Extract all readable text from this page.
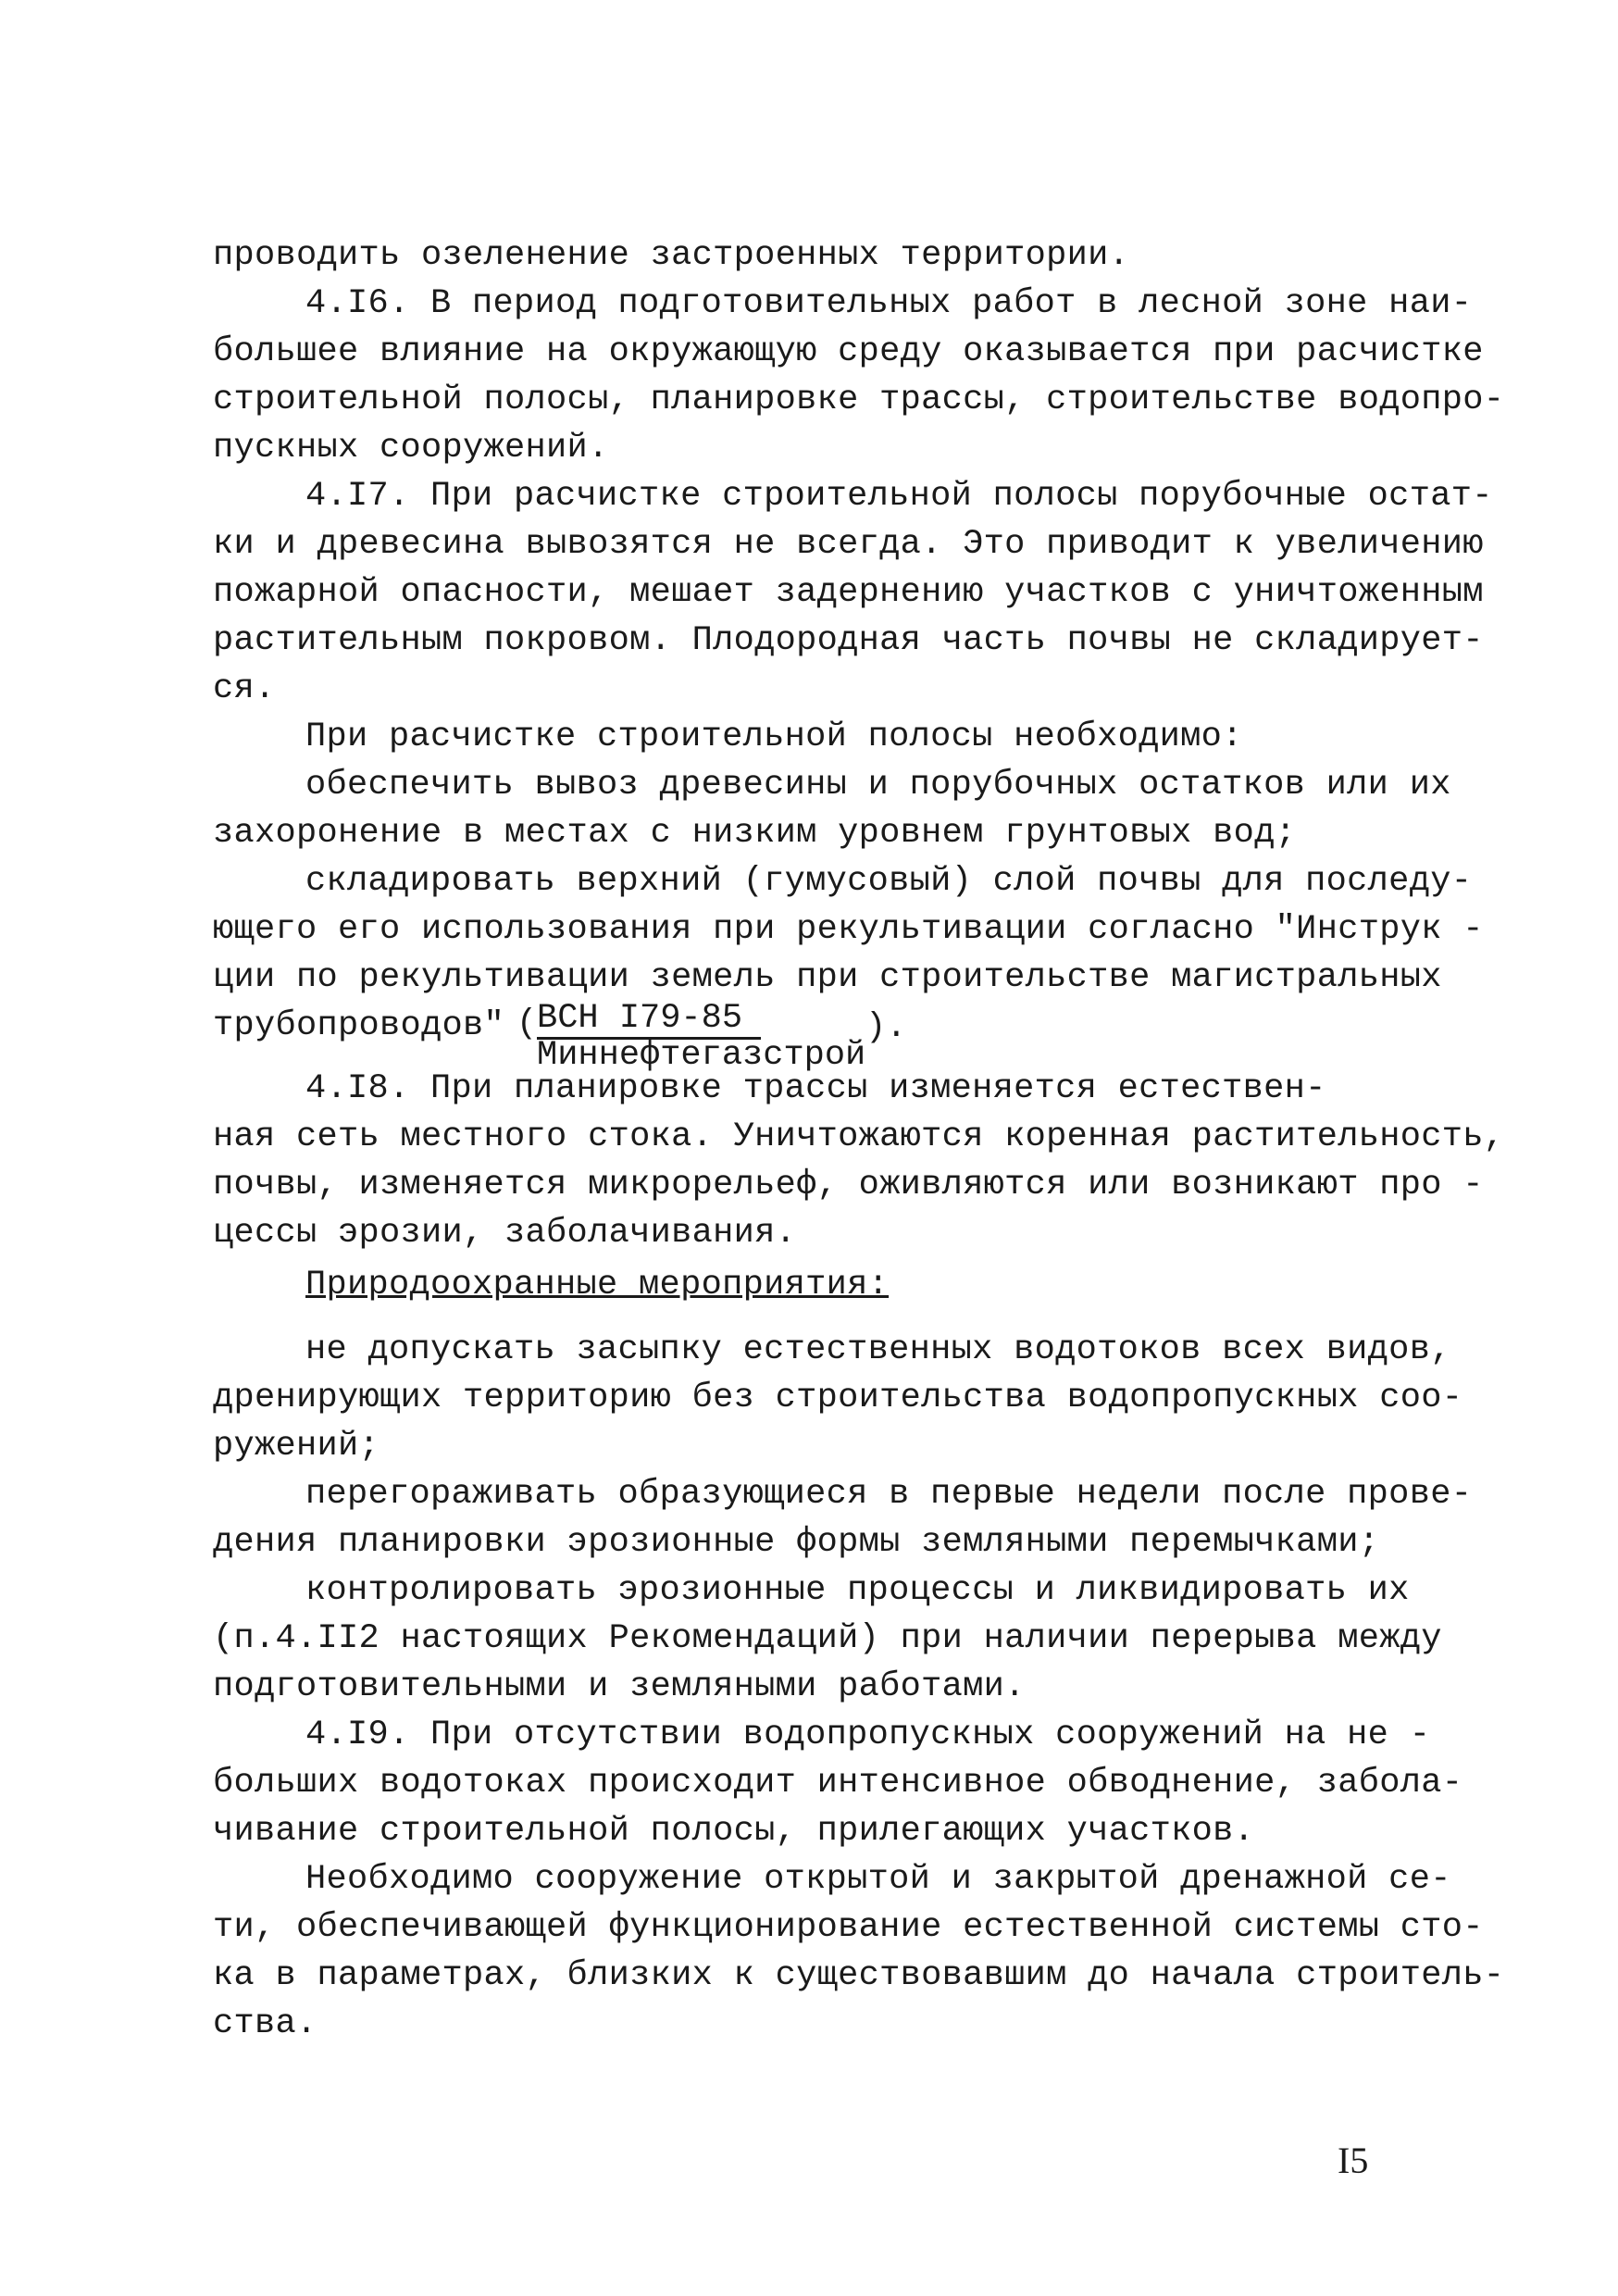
проводить озеленение застроенных территории.
4.I6. В период подготовительных работ в лесной зоне наи-
большее влияние на окружающую среду оказывается при расчистке
строительной полосы, планировке трассы, строительстве водопро-
пускных сооружений.
4.I7. При расчистке строительной полосы порубочные остат-
ки и древесина вывозятся не всегда. Это приводит к увеличению
пожарной опасности, мешает задернению участков с уничтоженным
растительным покровом. Плодородная часть почвы не складирует-
ся.
При расчистке строительной полосы необходимо:
обеспечить вывоз древесины и порубочных остатков или их
захоронение в местах с низким уровнем грунтовых вод;
складировать верхний (гумусовый) слой почвы для последу-
ющего его использования при рекультивации согласно "Инструк -
ции по рекультивации земель при строительстве магистральных
трубопроводов" ( ВСН I79-85
Миннефтегазстрой
).
4.I8. При планировке трассы изменяется естествен-
ная сеть местного стока. Уничтожаются коренная растительность,
почвы, изменяется микрорельеф, оживляются или возникают про -
цессы эрозии, заболачивания.
Природоохранные мероприятия:
не допускать засыпку естественных водотоков всех видов,
дренирующих территорию без строительства водопропускных соо-
ружений;
перегораживать образующиеся в первые недели после прове-
дения планировки эрозионные формы земляными перемычками;
контролировать эрозионные процессы и ликвидировать их
(п.4.II2 настоящих Рекомендаций) при наличии перерыва между
подготовительными и земляными работами.
4.I9. При отсутствии водопропускных сооружений на не -
больших водотоках происходит интенсивное обводнение, забола-
чивание строительной полосы, прилегающих участков.
Необходимо сооружение открытой и закрытой дренажной се-
ти, обеспечивающей функционирование естественной системы сто-
ка в параметрах, близких к существовавшим до начала строитель-
ства.
I5
